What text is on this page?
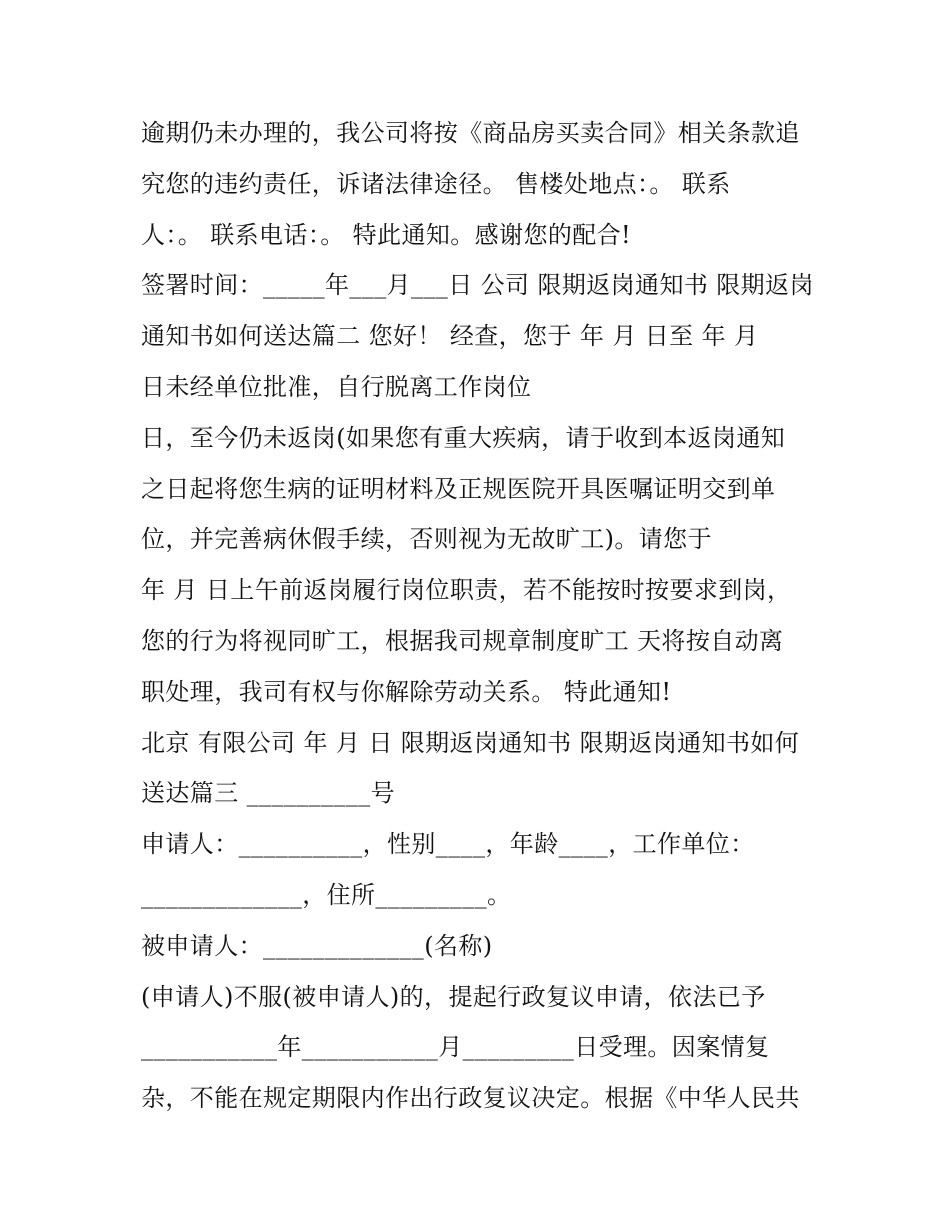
逾期仍未办理的，我公司将按《商品房买卖合同》相关条款追
究您的违约责任，诉诸法律途径。 售楼处地点：。 联系
人：。 联系电话：。 特此通知。感谢您的配合!
签署时间：_____年___月___日 公司 限期返岗通知书 限期返岗
通知书如何送达篇二 您好！ 经查，您于 年 月 日至 年 月
日未经单位批准，自行脱离工作岗位
日，至今仍未返岗(如果您有重大疾病，请于收到本返岗通知
之日起将您生病的证明材料及正规医院开具医嘱证明交到单
位，并完善病休假手续，否则视为无故旷工)。请您于
年 月 日上午前返岗履行岗位职责，若不能按时按要求到岗，
您的行为将视同旷工，根据我司规章制度旷工 天将按自动离
职处理，我司有权与你解除劳动关系。 特此通知!
北京 有限公司 年 月 日 限期返岗通知书 限期返岗通知书如何
送达篇三 __________号
申请人：__________，性别____，年龄____，工作单位：
_____________，住所_________。
被申请人：_____________(名称)
(申请人)不服(被申请人)的，提起行政复议申请，依法已予
___________年___________月_________日受理。因案情复
杂，不能在规定期限内作出行政复议决定。根据《中华人民共
